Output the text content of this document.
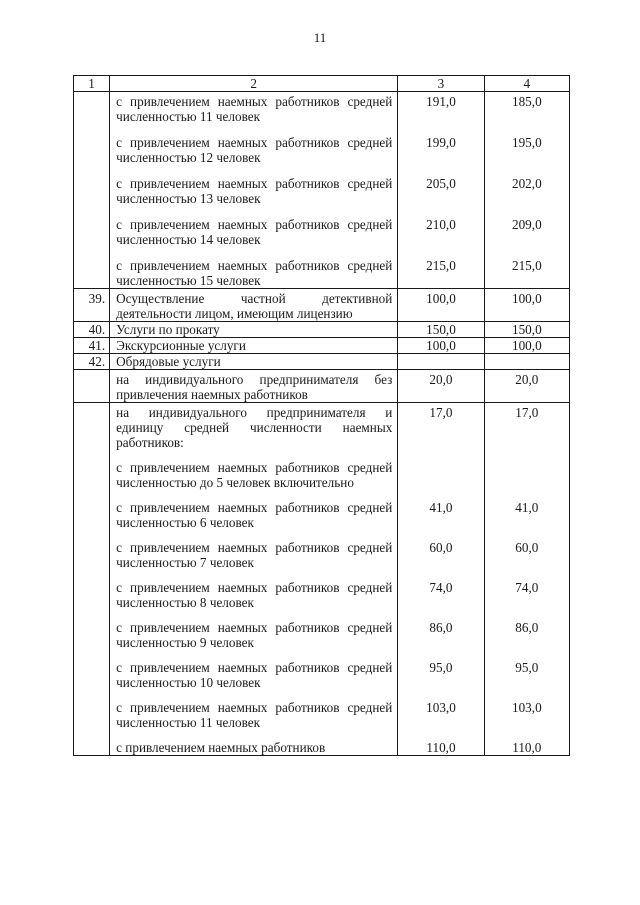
11
1	2	3	4

	с привлечением наемных работников средней численностью 11 человек	191,0	185,0

	с привлечением наемных работников средней численностью 12 человек	199,0	195,0

	с привлечением наемных работников средней численностью 13 человек	205,0	202,0

	с привлечением наемных работников средней численностью 14 человек	210,0	209,0

	с привлечением наемных работников средней численностью 15 человек	215,0	215,0

39.	Осуществление частной детективной деятельности лицом, имеющим лицензию	100,0	100,0

40.	Услуги по прокату	150,0	150,0

41.	Экскурсионные услуги	100,0	100,0

42.	Обрядовые услуги		

	на индивидуального предпринимателя без привлечения наемных работников	20,0	20,0

	на индивидуального предпринимателя и единицу средней численности наемных работников:	17,0	17,0

	с привлечением наемных работников средней численностью до 5 человек включительно		

	с привлечением наемных работников средней численностью 6 человек	41,0	41,0

	с привлечением наемных работников средней численностью 7 человек	60,0	60,0

	с привлечением наемных работников средней численностью 8 человек	74,0	74,0

	с привлечением наемных работников средней численностью 9 человек	86,0	86,0

	с привлечением наемных работников средней численностью 10 человек	95,0	95,0

	с привлечением наемных работников средней численностью 11 человек	103,0	103,0

	с привлечением наемных работников	110,0	110,0
